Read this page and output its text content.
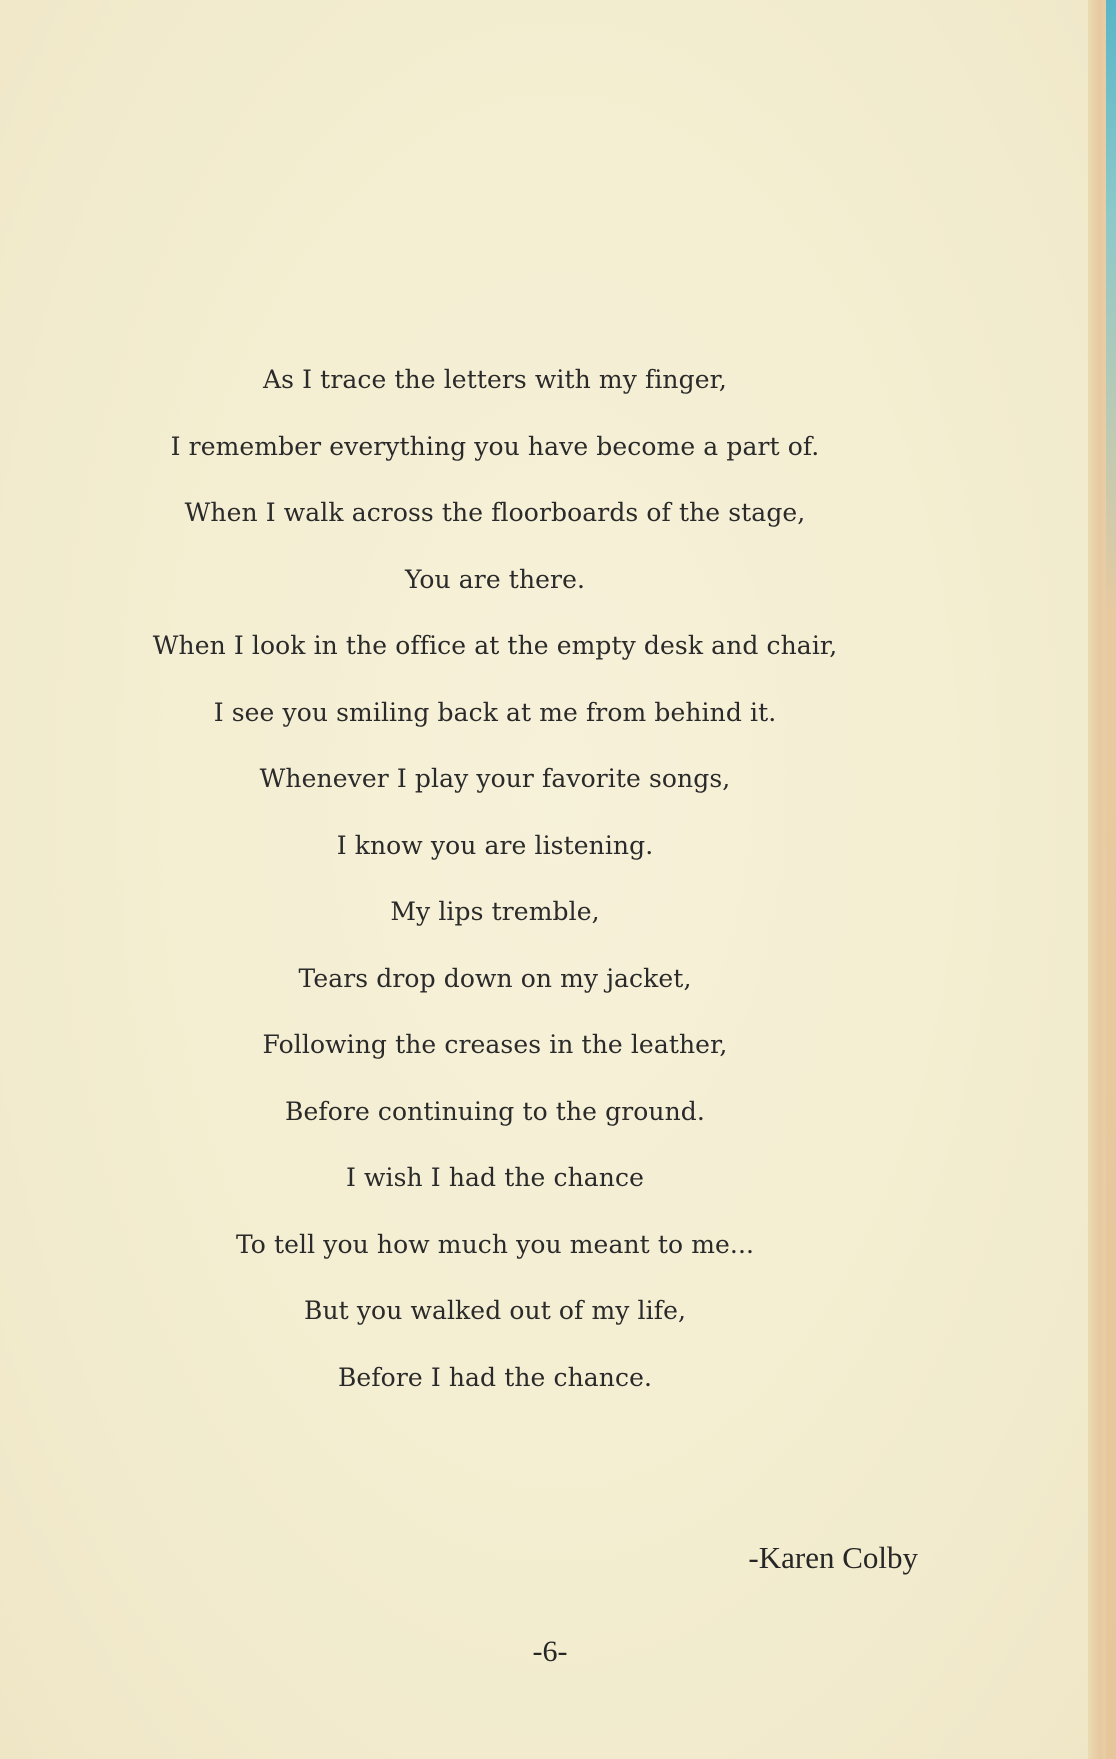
As I trace the letters with my finger,
I remember everything you have become a part of.
When I walk across the floorboards of the stage,
You are there.
When I look in the office at the empty desk and chair,
I see you smiling back at me from behind it.
Whenever I play your favorite songs,
I know you are listening.
My lips tremble,
Tears drop down on my jacket,
Following the creases in the leather,
Before continuing to the ground.
I wish I had the chance
To tell you how much you meant to me...
But you walked out of my life,
Before I had the chance.
-Karen Colby
-6-
